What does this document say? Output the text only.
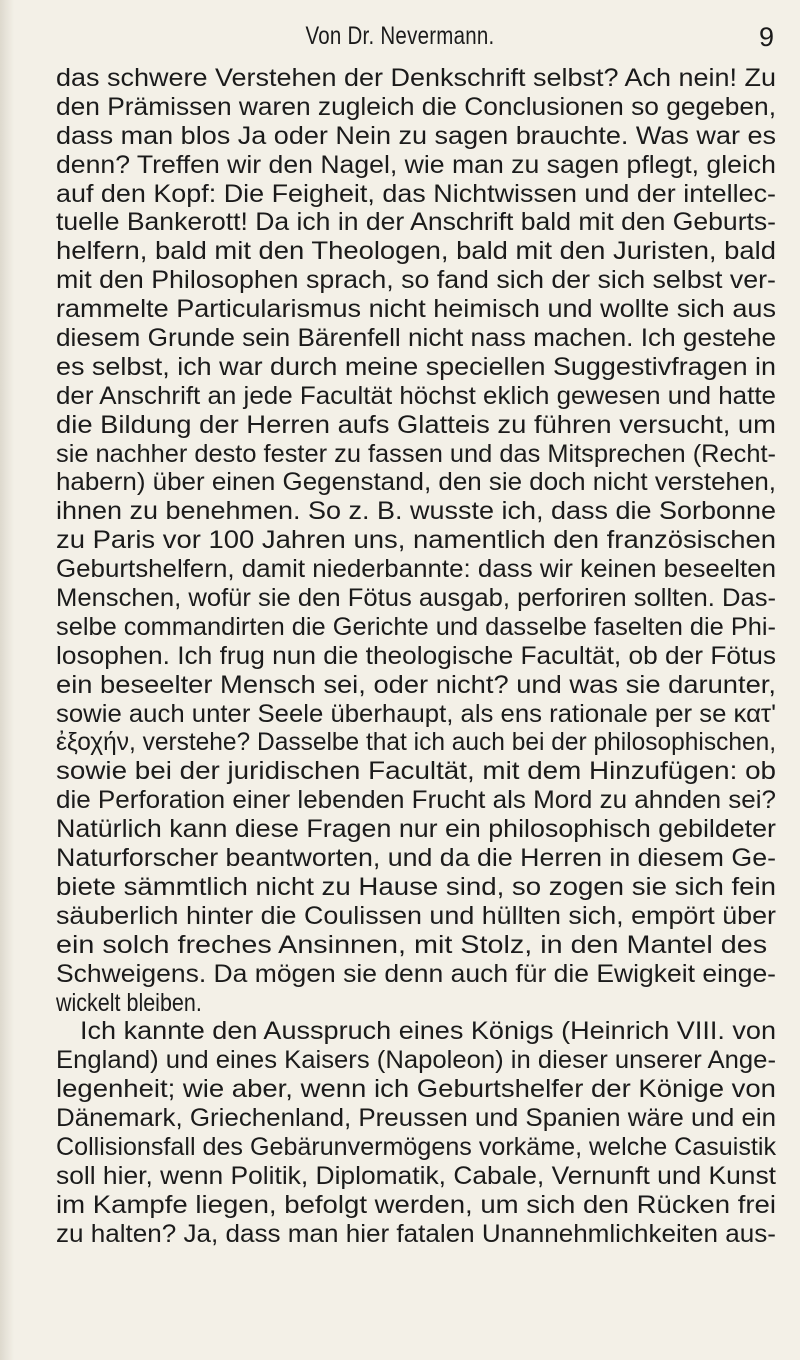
Von Dr. Nevermann.	9
das schwere Verstehen der Denkschrift selbst? Ach nein! Zu
den Prämissen waren zugleich die Conclusionen so gegeben,
dass man blos Ja oder Nein zu sagen brauchte. Was war es
denn? Treffen wir den Nagel, wie man zu sagen pflegt, gleich
auf den Kopf: Die Feigheit, das Nichtwissen und der intellec-
tuelle Bankerott! Da ich in der Anschrift bald mit den Geburts-
helfern, bald mit den Theologen, bald mit den Juristen, bald
mit den Philosophen sprach, so fand sich der sich selbst ver-
rammelte Particularismus nicht heimisch und wollte sich aus
diesem Grunde sein Bärenfell nicht nass machen. Ich gestehe
es selbst, ich war durch meine speciellen Suggestivfragen in
der Anschrift an jede Facultät höchst eklich gewesen und hatte
die Bildung der Herren aufs Glatteis zu führen versucht, um
sie nachher desto fester zu fassen und das Mitsprechen (Recht-
habern) über einen Gegenstand, den sie doch nicht verstehen,
ihnen zu benehmen. So z. B. wusste ich, dass die Sorbonne
zu Paris vor 100 Jahren uns, namentlich den französischen
Geburtshelfern, damit niederbannte: dass wir keinen beseelten
Menschen, wofür sie den Fötus ausgab, perforiren sollten. Das-
selbe commandirten die Gerichte und dasselbe faselten die Phi-
losophen. Ich frug nun die theologische Facultät, ob der Fötus
ein beseelter Mensch sei, oder nicht? und was sie darunter,
sowie auch unter Seele überhaupt, als ens rationale per se κατ'
ἐξοχήν, verstehe? Dasselbe that ich auch bei der philosophischen,
sowie bei der juridischen Facultät, mit dem Hinzufügen: ob
die Perforation einer lebenden Frucht als Mord zu ahnden sei?
Natürlich kann diese Fragen nur ein philosophisch gebildeter
Naturforscher beantworten, und da die Herren in diesem Ge-
biete sämmtlich nicht zu Hause sind, so zogen sie sich fein
säuberlich hinter die Coulissen und hüllten sich, empört über
ein solch freches Ansinnen, mit Stolz, in den Mantel des
Schweigens. Da mögen sie denn auch für die Ewigkeit einge-
wickelt bleiben.
Ich kannte den Ausspruch eines Königs (Heinrich VIII. von
England) und eines Kaisers (Napoleon) in dieser unserer Ange-
legenheit; wie aber, wenn ich Geburtshelfer der Könige von
Dänemark, Griechenland, Preussen und Spanien wäre und ein
Collisionsfall des Gebärunvermögens vorkäme, welche Casuistik
soll hier, wenn Politik, Diplomatik, Cabale, Vernunft und Kunst
im Kampfe liegen, befolgt werden, um sich den Rücken frei
zu halten? Ja, dass man hier fatalen Unannehmlichkeiten aus-
